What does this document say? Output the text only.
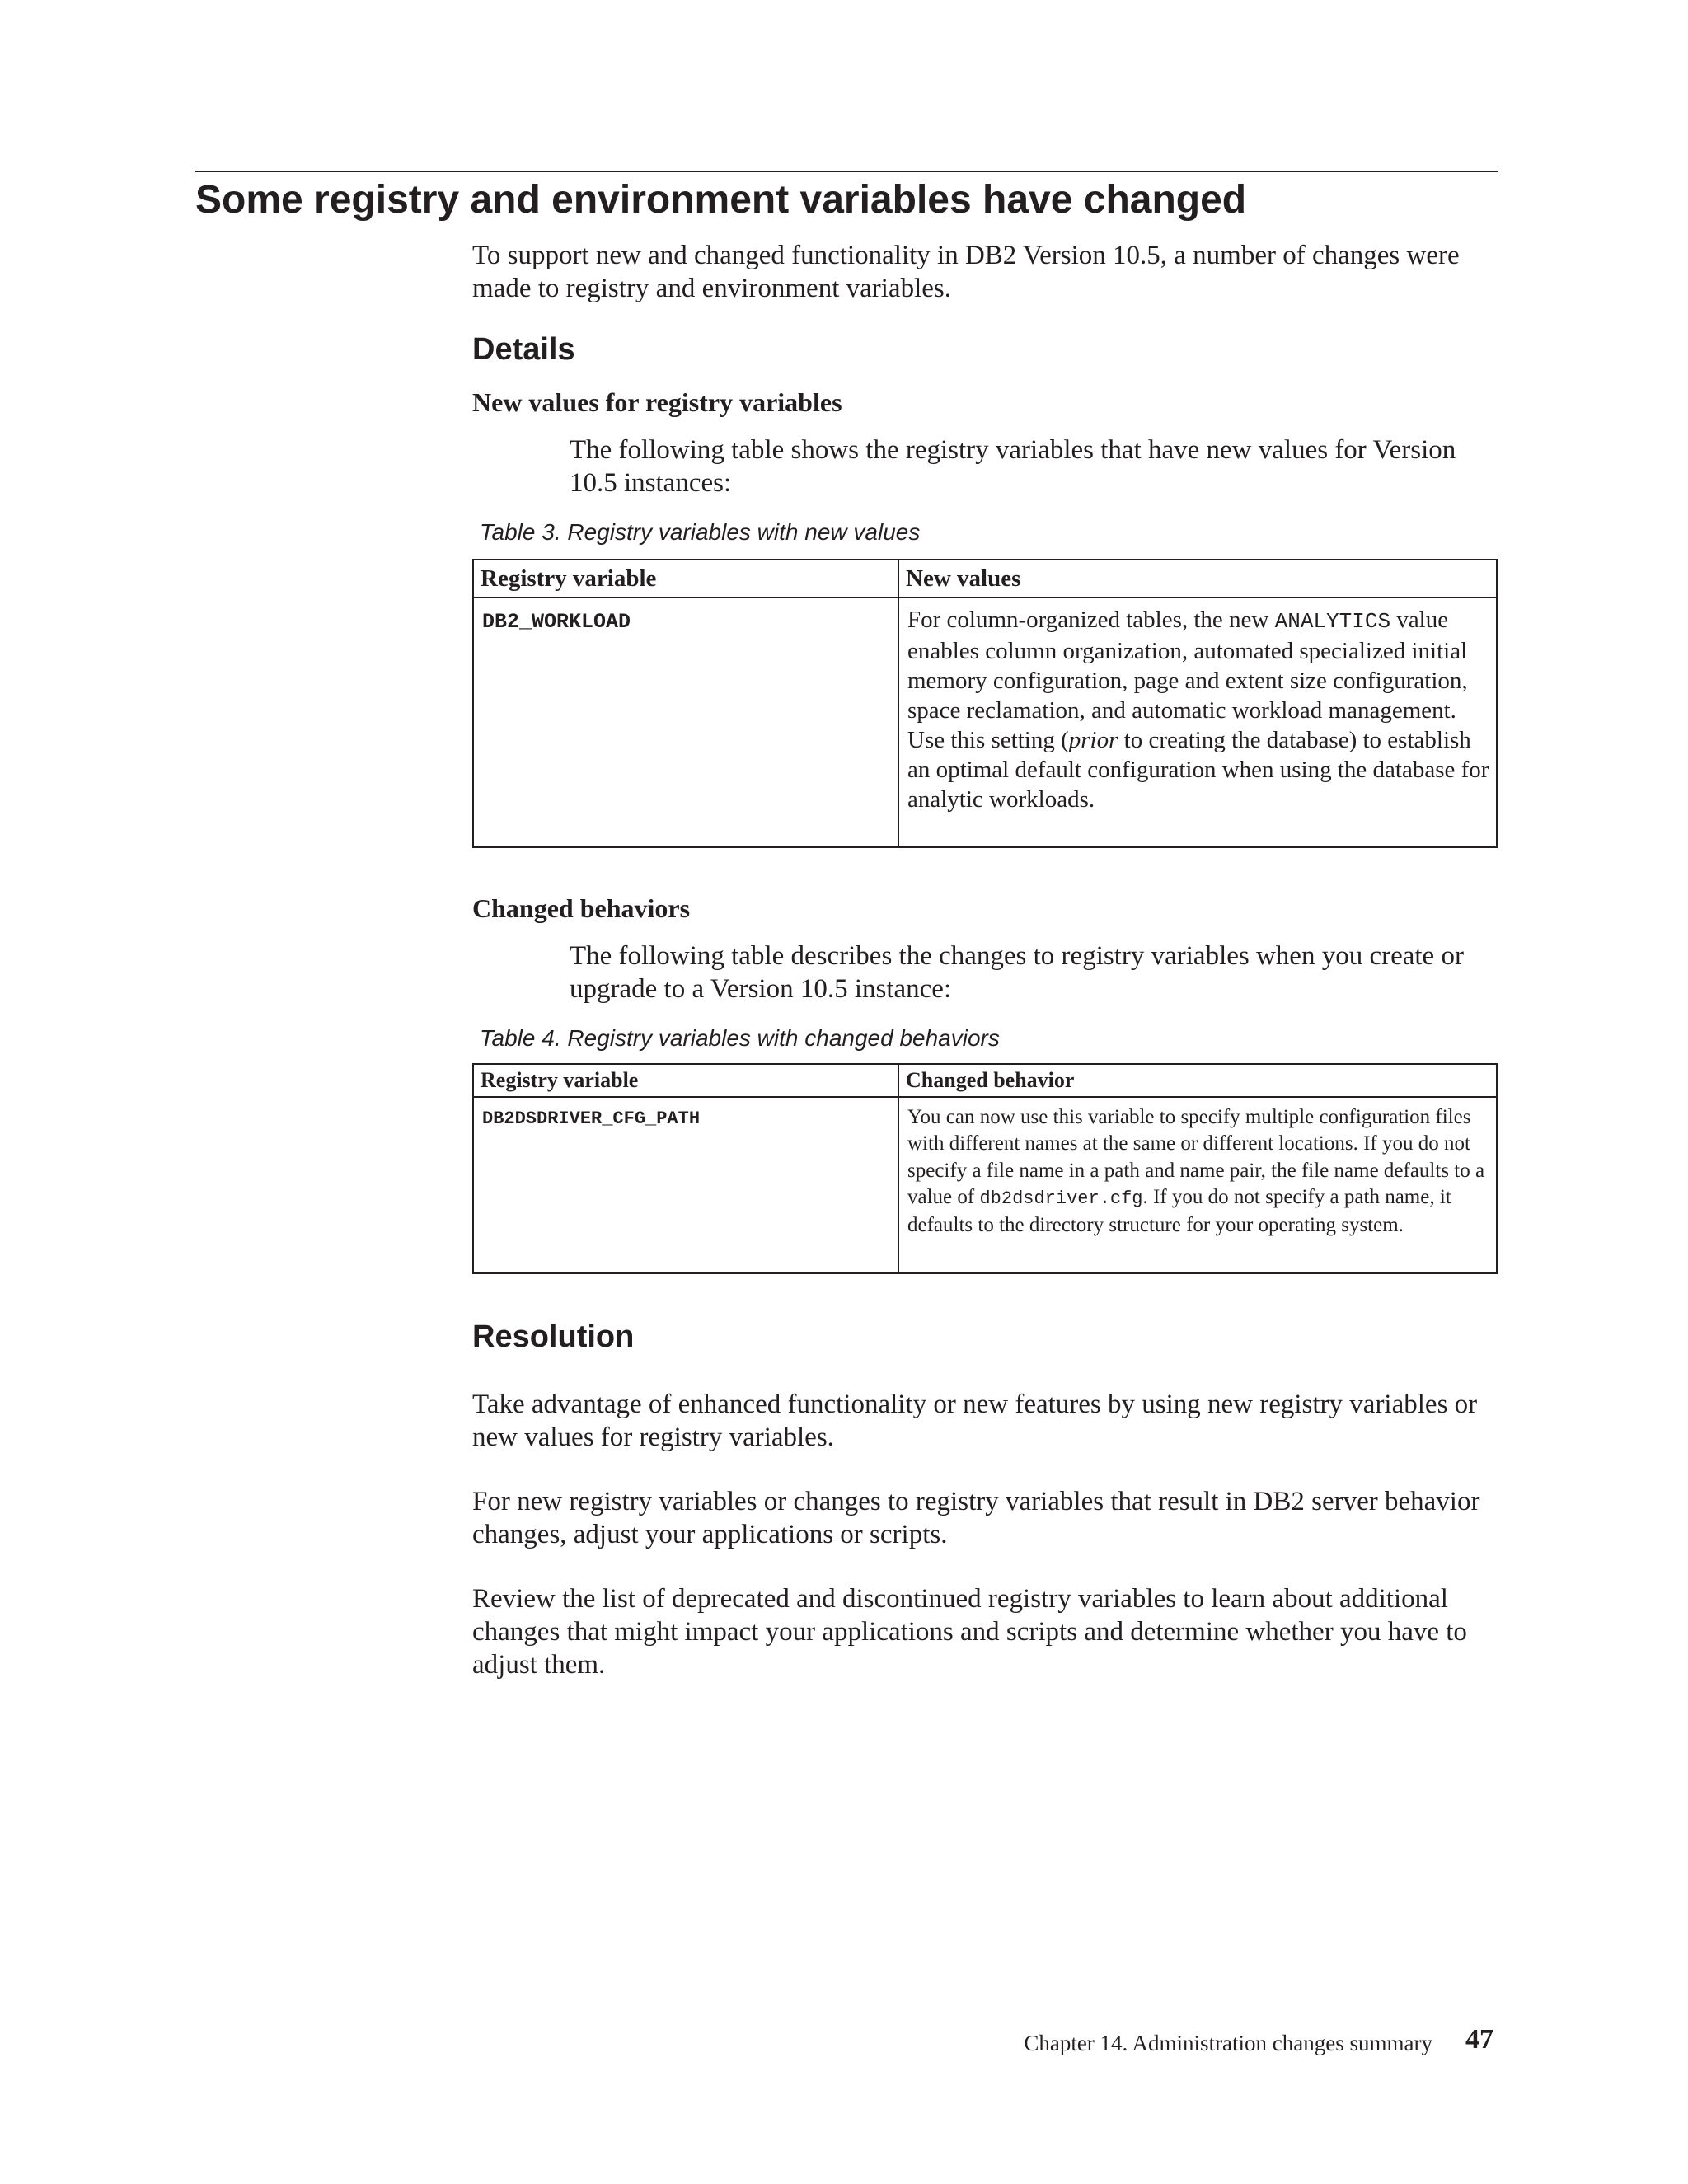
Some registry and environment variables have changed

To support new and changed functionality in DB2 Version 10.5, a number of changes were made to registry and environment variables.

Details
New values for registry variables

The following table shows the registry variables that have new values for Version 10.5 instances:

Table 3. Registry variables with new values

Registry variable	New values
DB2_WORKLOAD	For column-organized tables, the new ANALYTICS value enables column organization, automated specialized initial memory configuration, page and extent size configuration, space reclamation, and automatic workload management. Use this setting (prior to creating the database) to establish an optimal default configuration when using the database for analytic workloads.
Changed behaviors

The following table describes the changes to registry variables when you create or upgrade to a Version 10.5 instance:

Table 4. Registry variables with changed behaviors

Registry variable	Changed behavior
DB2DSDRIVER_CFG_PATH	You can now use this variable to specify multiple configuration files with different names at the same or different locations. If you do not specify a file name in a path and name pair, the file name defaults to a value of db2dsdriver.cfg. If you do not specify a path name, it defaults to the directory structure for your operating system.
Resolution

Take advantage of enhanced functionality or new features by using new registry variables or new values for registry variables.

For new registry variables or changes to registry variables that result in DB2 server behavior changes, adjust your applications or scripts.

Review the list of deprecated and discontinued registry variables to learn about additional changes that might impact your applications and scripts and determine whether you have to adjust them.

Chapter 14. Administration changes summary 47
